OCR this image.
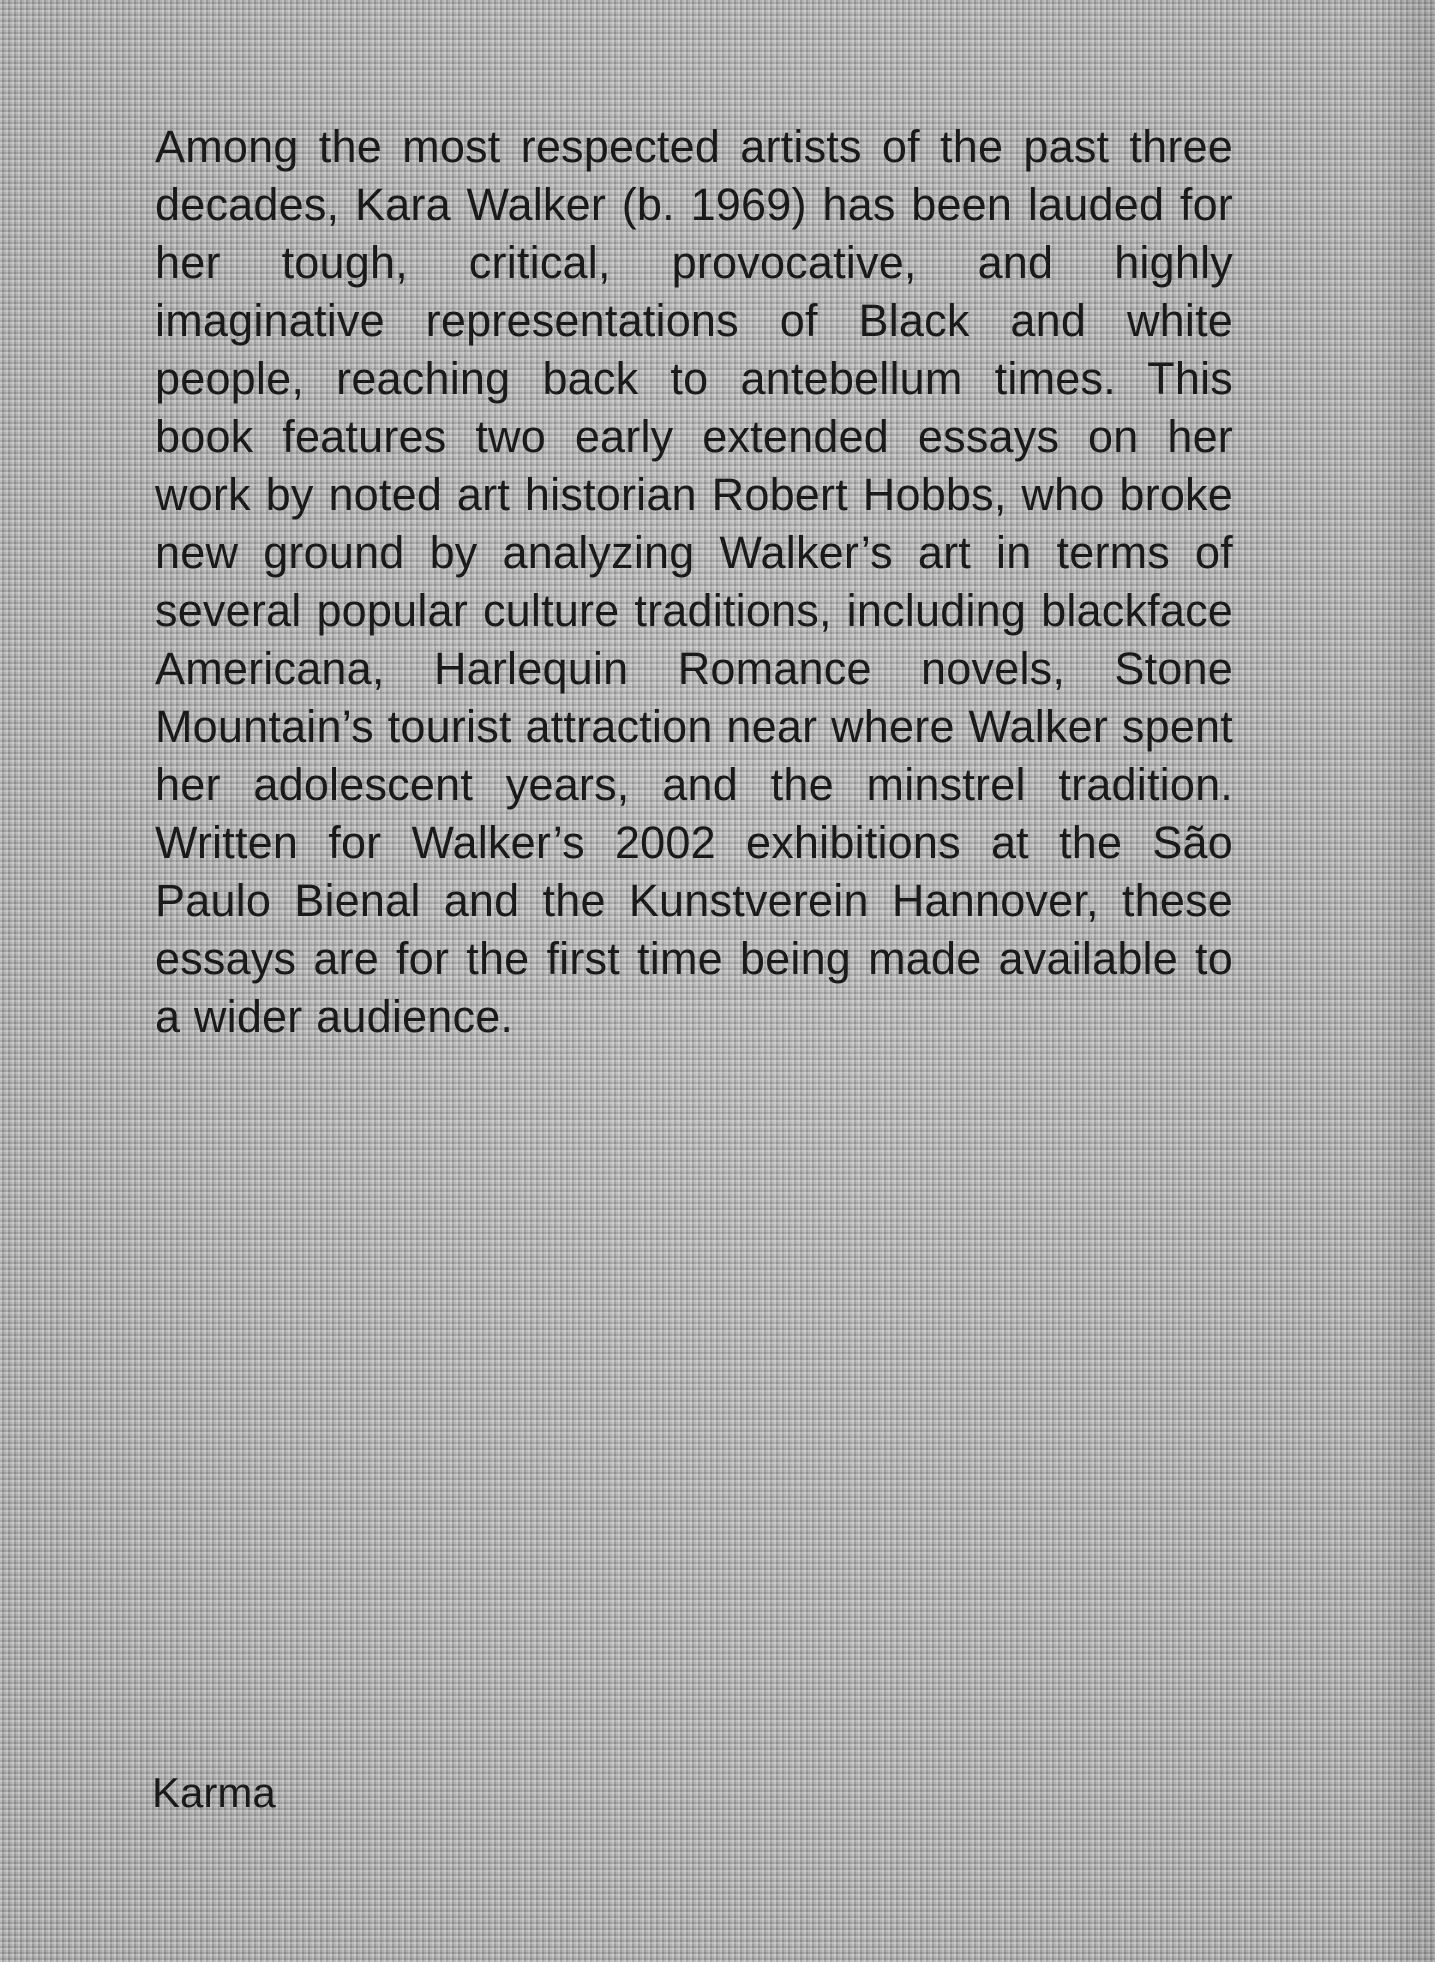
Among the most respected artists of the past three decades, Kara Walker (b. 1969) has been lauded for her tough, critical, provocative, and highly imaginative representations of Black and white people, reaching back to antebellum times. This book features two early extended essays on her work by noted art historian Robert Hobbs, who broke new ground by analyzing Walker’s art in terms of several popular culture traditions, including blackface Americana, Harlequin Romance novels, Stone Mountain’s tourist attraction near where Walker spent her adolescent years, and the minstrel tradition. Written for Walker’s 2002 exhibitions at the São Paulo Bienal and the Kunstverein Hannover, these essays are for the first time being made available to a wider audience.

Karma
